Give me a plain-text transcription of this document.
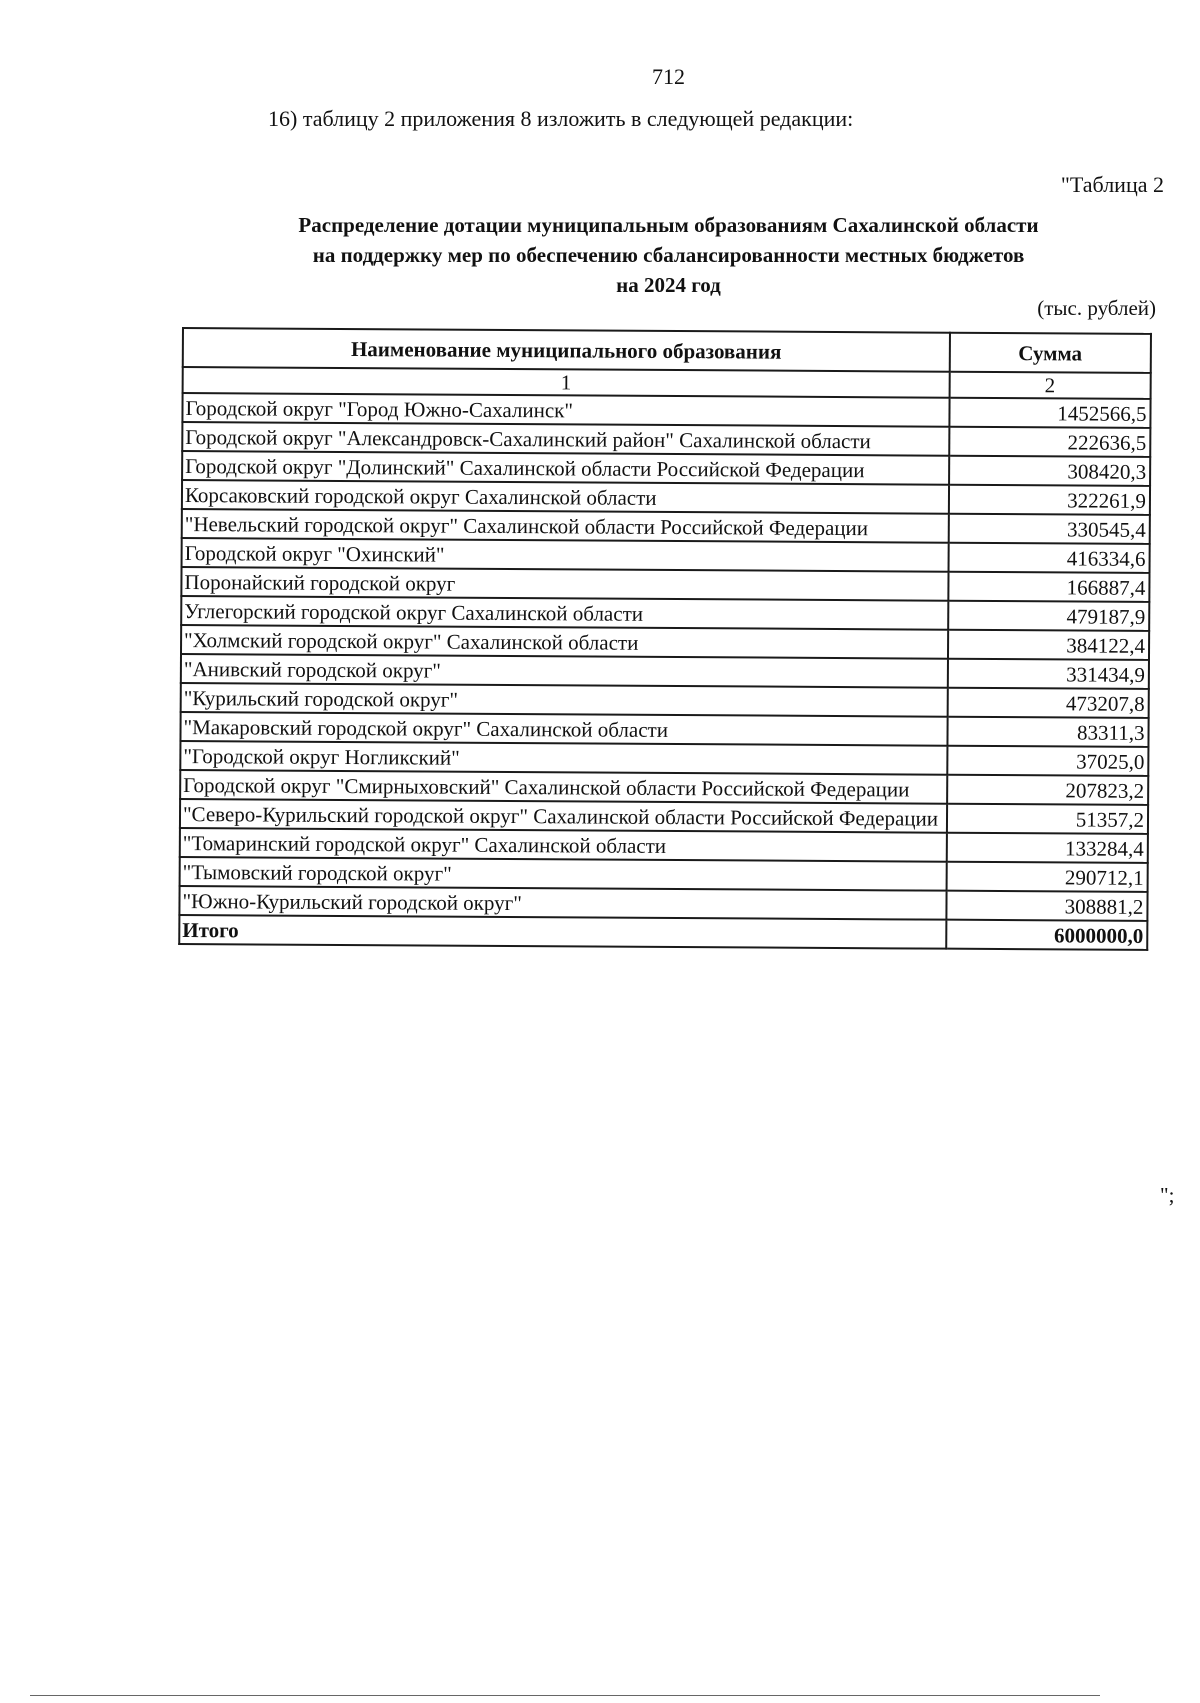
712
16) таблицу 2 приложения 8 изложить в следующей редакции:
"Таблица 2
Распределение дотации муниципальным образованиям Сахалинской области
на поддержку мер по обеспечению сбалансированности местных бюджетов
на 2024 год
(тыс. рублей)
Наименование муниципального образования	Сумма
1	2
Городской округ "Город Южно-Сахалинск"	1452566,5
Городской округ "Александровск-Сахалинский район" Сахалинской области	222636,5
Городской округ "Долинский" Сахалинской области Российской Федерации	308420,3
Корсаковский городской округ Сахалинской области	322261,9
"Невельский городской округ" Сахалинской области Российской Федерации	330545,4
Городской округ "Охинский"	416334,6
Поронайский городской округ	166887,4
Углегорский городской округ Сахалинской области	479187,9
"Холмский городской округ" Сахалинской области	384122,4
"Анивский городской округ"	331434,9
"Курильский городской округ"	473207,8
"Макаровский городской округ" Сахалинской области	83311,3
"Городской округ Ногликский"	37025,0
Городской округ "Смирныховский" Сахалинской области Российской Федерации	207823,2
"Северо-Курильский городской округ" Сахалинской области Российской Федерации	51357,2
"Томаринский городской округ" Сахалинской области	133284,4
"Тымовский городской округ"	290712,1
"Южно-Курильский городской округ"	308881,2
Итого	6000000,0
";
